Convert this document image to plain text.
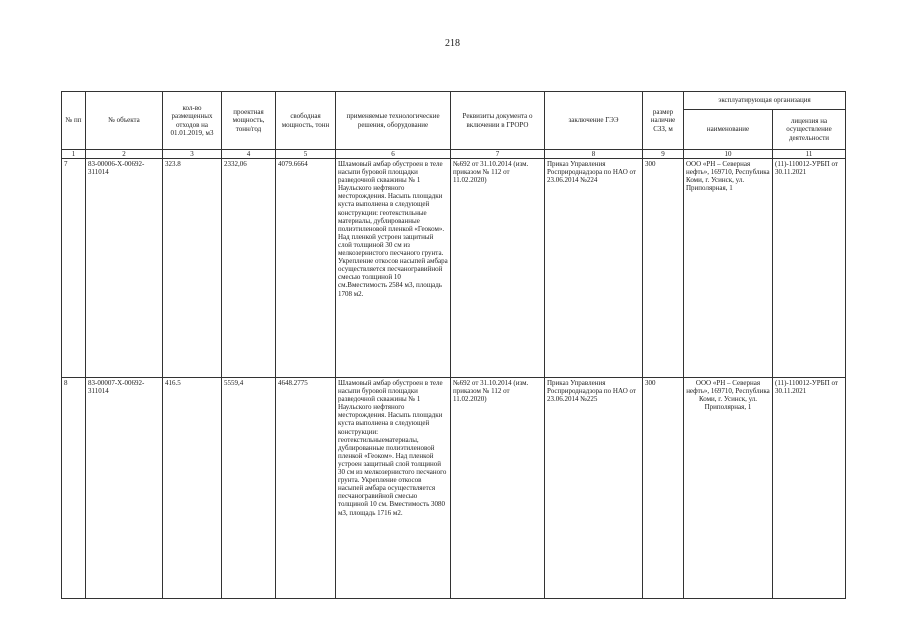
218
№ пп	№ объекта	кол-во размещенных отходов на 01.01.2019, м3	проектная мощность, тонн/год	свободная мощность, тонн	применяемые технологические решения, оборудование	Реквизиты документа о включении в ГРОРО	заключение ГЭЭ	размер наличие СЗЗ, м	эксплуатирующая организация	
									наименование	лицензия на осуществление деятельности
1	2	3	4	5	6	7	8	9	10	11
7	83-00006-Х-00692-311014	323.8	2332,06	4079.6664	Шламовый амбар обустроен в теле насыпи буровой площадки разведочной скважины № 1 Наульского нефтяного месторождения. Насыпь площадки куста выполнена в следующей конструкции: геотекстильные материалы, дублированные полиэтиленовой пленкой «Геоком». Над пленкой устроен защитный слой толщиной 30 см из мелкозернистого песчаного грунта. Укрепление откосов насыпей амбара осуществляется песчаногравийной смесью толщиной 10 см.Вместимость 2584 м3, площадь 1708 м2.	№692 от 31.10.2014 (изм. приказом № 112 от 11.02.2020)	Приказ Управления Росприроднадзора по НАО от 23.06.2014 №224	300	ООО «РН – Северная нефть», 169710, Республика Коми, г. Усинск, ул. Приполярная, 1	(11)-110012-УРБП от 30.11.2021
8	83-00007-Х-00692-311014	416.5	5559,4	4648.2775	Шламовый амбар обустроен в теле насыпи буровой площадки разведочной скважины № 1 Наульского нефтяного месторождения. Насыпь площадки куста выполнена в следующей конструкции: геотекстильныематериалы, дублированные полиэтиленовой пленкой «Геоком». Над пленкой устроен защитный слой толщиной 30 см из мелкозернистого песчаного грунта. Укрепление откосов насыпей амбара осуществляется песчаногравийной смесью толщиной 10 см. Вместимость 3080 м3, площадь 1716 м2.	№692 от 31.10.2014 (изм. приказом № 112 от 11.02.2020)	Приказ Управления Росприроднадзора по НАО от 23.06.2014 №225	300	ООО «РН – Северная нефть», 169710, Республика Коми, г. Усинск, ул. Приполярная, 1	(11)-110012-УРБП от 30.11.2021
